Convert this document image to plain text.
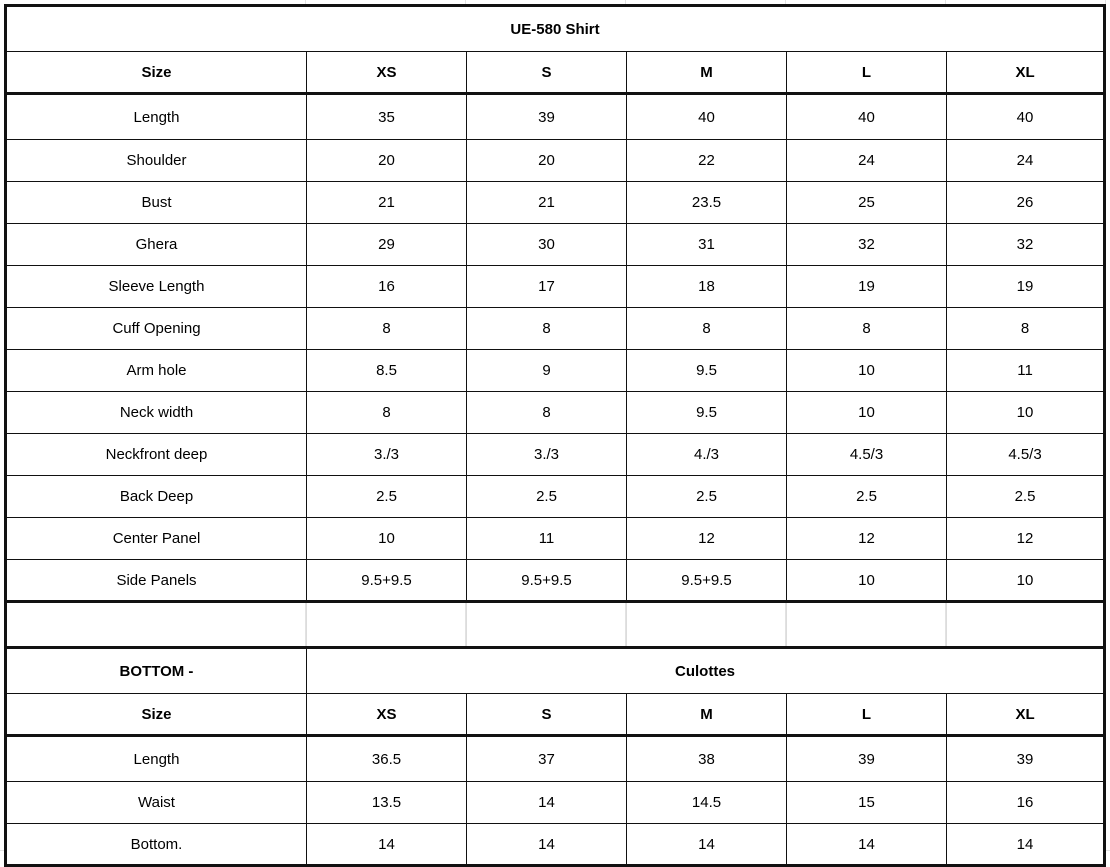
UE-580 Shirt					
Size	XS	S	M	L	XL
Length	35	39	40	40	40
Shoulder	20	20	22	24	24
Bust	21	21	23.5	25	26
Ghera	29	30	31	32	32
Sleeve Length	16	17	18	19	19
Cuff Opening	8	8	8	8	8
Arm hole	8.5	9	9.5	10	11
Neck width	8	8	9.5	10	10
Neckfront deep	3./3	3./3	4./3	4.5/3	4.5/3
Back Deep	2.5	2.5	2.5	2.5	2.5
Center Panel	10	11	12	12	12
Side Panels	9.5+9.5	9.5+9.5	9.5+9.5	10	10

BOTTOM -	Culottes				
Size	XS	S	M	L	XL
Length	36.5	37	38	39	39
Waist	13.5	14	14.5	15	16
Bottom.	14	14	14	14	14
